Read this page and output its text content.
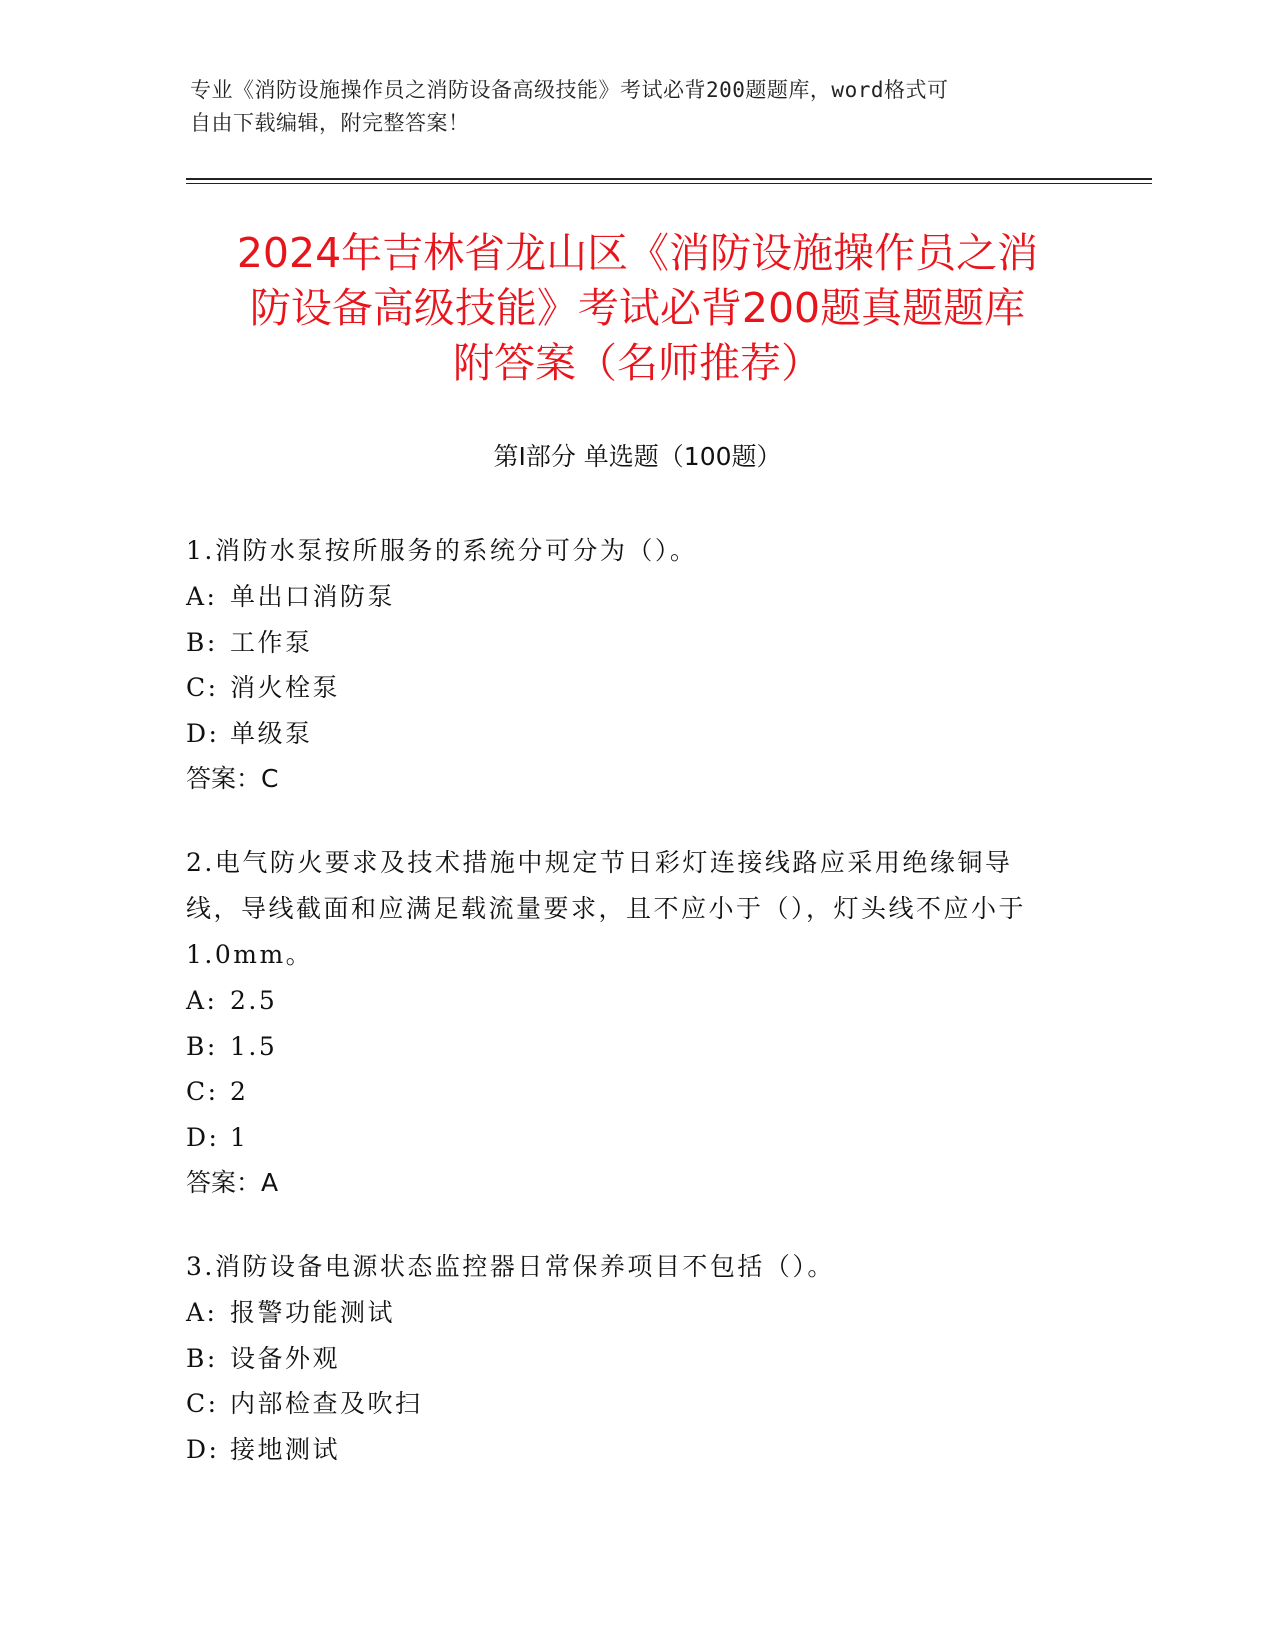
专业《消防设施操作员之消防设备高级技能》考试必背200题题库，word格式可
自由下载编辑，附完整答案！
2024年吉林省龙山区《消防设施操作员之消
防设备高级技能》考试必背200题真题题库
附答案（名师推荐）
第Ⅰ部分 单选题（100题）

1.消防水泵按所服务的系统分可分为（）。

A: 单出口消防泵

B: 工作泵

C: 消火栓泵

D: 单级泵

答案：C

2.电气防火要求及技术措施中规定节日彩灯连接线路应采用绝缘铜导线，导线截面和应满足载流量要求，且不应小于（），灯头线不应小于1.0mm。

A: 2.5

B: 1.5

C: 2

D: 1

答案：A

3.消防设备电源状态监控器日常保养项目不包括（）。

A: 报警功能测试

B: 设备外观

C: 内部检查及吹扫

D: 接地测试
